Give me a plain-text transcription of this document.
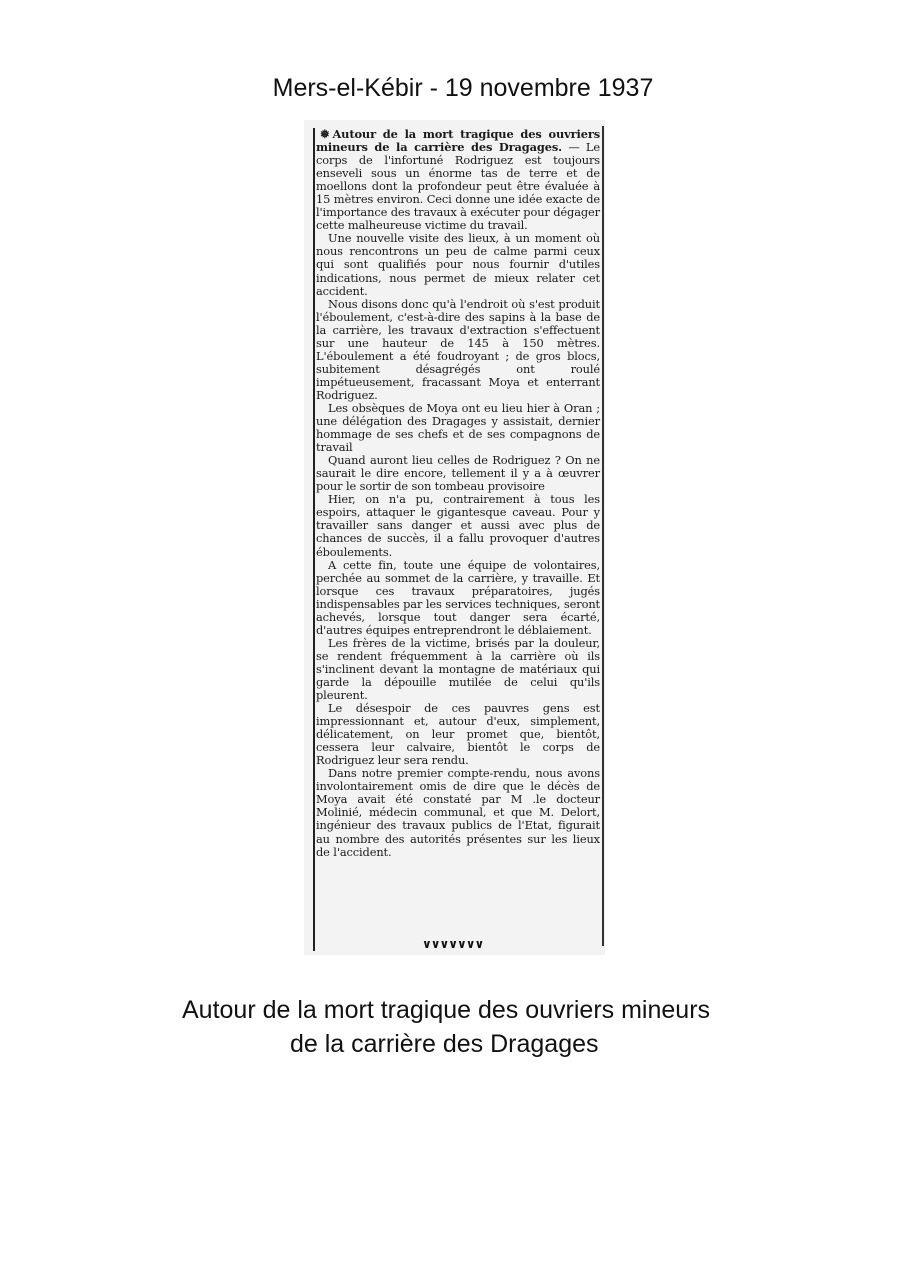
Mers-el-Kébir - 19 novembre 1937

❅ Autour de la mort tragique des ouvriers mineurs de la carrière des Dragages. — Le corps de l'infortuné Rodriguez est toujours enseveli sous un énorme tas de terre et de moellons dont la profondeur peut être évaluée à 15 mètres environ. Ceci donne une idée exacte de l'importance des travaux à exécuter pour dégager cette malheureuse victime du travail.

Une nouvelle visite des lieux, à un moment où nous rencontrons un peu de calme parmi ceux qui sont qualifiés pour nous fournir d'utiles indications, nous permet de mieux relater cet accident.

Nous disons donc qu'à l'endroit où s'est produit l'éboulement, c'est-à-dire des sapins à la base de la carrière, les travaux d'extraction s'effectuent sur une hauteur de 145 à 150 mètres. L'éboulement a été foudroyant ; de gros blocs, subitement désagrégés ont roulé impétueusement, fracassant Moya et enterrant Rodriguez.

Les obsèques de Moya ont eu lieu hier à Oran ; une délégation des Dragages y assistait, dernier hommage de ses chefs et de ses compagnons de travail

Quand auront lieu celles de Rodriguez ? On ne saurait le dire encore, tellement il y a à œuvrer pour le sortir de son tombeau provisoire

Hier, on n'a pu, contrairement à tous les espoirs, attaquer le gigantesque caveau. Pour y travailler sans danger et aussi avec plus de chances de succès, il a fallu provoquer d'autres éboulements.

A cette fin, toute une équipe de volontaires, perchée au sommet de la carrière, y travaille. Et lorsque ces travaux préparatoires, jugés indispensables par les services techniques, seront achevés, lorsque tout danger sera écarté, d'autres équipes entreprendront le déblaiement.

Les frères de la victime, brisés par la douleur, se rendent fréquemment à la carrière où ils s'inclinent devant la montagne de matériaux qui garde la dépouille mutilée de celui qu'ils pleurent.

Le désespoir de ces pauvres gens est impressionnant et, autour d'eux, simplement, délicatement, on leur promet que, bientôt, cessera leur calvaire, bientôt le corps de Rodriguez leur sera rendu.

Dans notre premier compte-rendu, nous avons involontairement omis de dire que le décès de Moya avait été constaté par M .le docteur Molinié, médecin communal, et que M. Delort, ingénieur des travaux publics de l'Etat, figurait au nombre des autorités présentes sur les lieux de l'accident.

∨∨∨∨∨∨∨
Autour de la mort tragique des ouvriers mineurs
de la carrière des Dragages
